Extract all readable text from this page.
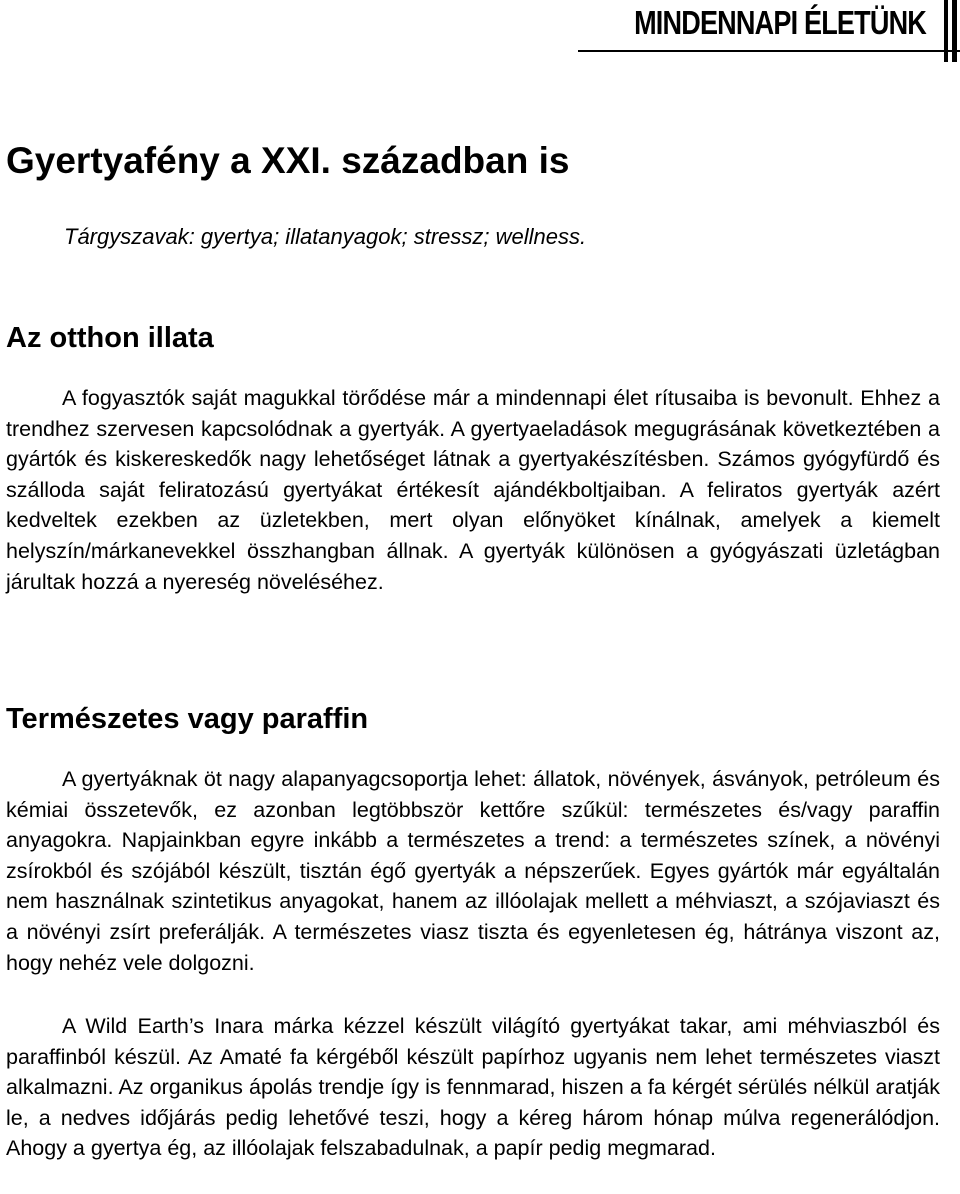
MINDENNAPI ÉLETÜNK
Gyertyafény a XXI. században is
Tárgyszavak: gyertya; illatanyagok; stressz; wellness.
Az otthon illata
A fogyasztók saját magukkal törődése már a mindennapi élet rítusaiba is bevonult. Ehhez a trendhez szervesen kapcsolódnak a gyertyák. A gyertyaeladások megugrásának következtében a gyártók és kiskereskedők nagy lehetőséget látnak a gyertyakészítésben. Számos gyógyfürdő és szálloda saját feliratozású gyertyákat értékesít ajándékboltjaiban. A feliratos gyertyák azért kedveltek ezekben az üzletekben, mert olyan előnyöket kínálnak, amelyek a kiemelt helyszín/márkanevekkel összhangban állnak. A gyertyák különösen a gyógyászati üzletágban járultak hozzá a nyereség növeléséhez.
Természetes vagy paraffin
A gyertyáknak öt nagy alapanyagcsoportja lehet: állatok, növények, ásványok, petróleum és kémiai összetevők, ez azonban legtöbbször kettőre szűkül: természetes és/vagy paraffin anyagokra. Napjainkban egyre inkább a természetes a trend: a természetes színek, a növényi zsírokból és szójából készült, tisztán égő gyertyák a népszerűek. Egyes gyártók már egyáltalán nem használnak szintetikus anyagokat, hanem az illóolajak mellett a méhviaszt, a szójaviaszt és a növényi zsírt preferálják. A természetes viasz tiszta és egyenletesen ég, hátránya viszont az, hogy nehéz vele dolgozni.
A Wild Earth’s Inara márka kézzel készült világító gyertyákat takar, ami méhviaszból és paraffinból készül. Az Amaté fa kérgéből készült papírhoz ugyanis nem lehet természetes viaszt alkalmazni. Az organikus ápolás trendje így is fennmarad, hiszen a fa kérgét sérülés nélkül aratják le, a nedves időjárás pedig lehetővé teszi, hogy a kéreg három hónap múlva regenerálódjon. Ahogy a gyertya ég, az illóolajak felszabadulnak, a papír pedig megmarad.
